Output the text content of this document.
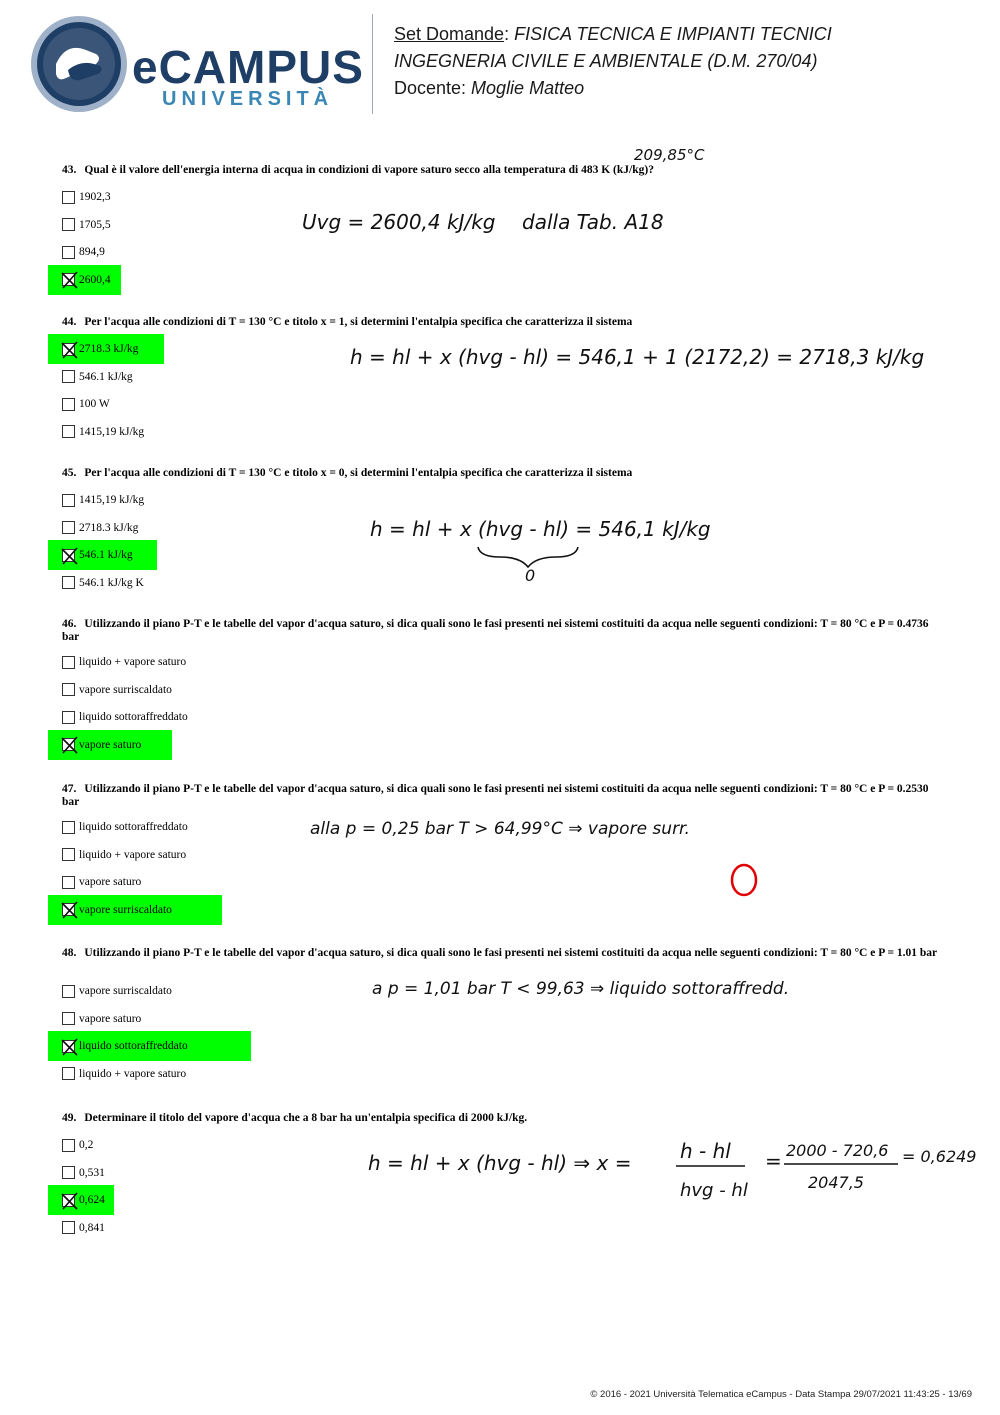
eCAMPUS
UNIVERSITÀ
Set Domande: FISICA TECNICA E IMPIANTI TECNICI
INGEGNERIA CIVILE E AMBIENTALE (D.M. 270/04)
Docente: Moglie Matteo
43. Qual è il valore dell'energia interna di acqua in condizioni di vapore saturo secco alla temperatura di 483 K (kJ/kg)?
1902,3
1705,5
894,9
2600,4
44. Per l'acqua alle condizioni di T = 130 °C e titolo x = 1, si determini l'entalpia specifica che caratterizza il sistema
2718.3 kJ/kg
546.1 kJ/kg
100 W
1415,19 kJ/kg
45. Per l'acqua alle condizioni di T = 130 °C e titolo x = 0, si determini l'entalpia specifica che caratterizza il sistema
1415,19 kJ/kg
2718.3 kJ/kg
546.1 kJ/kg
546.1 kJ/kg K
46. Utilizzando il piano P-T e le tabelle del vapor d'acqua saturo, si dica quali sono le fasi presenti nei sistemi costituiti da acqua nelle seguenti condizioni: T = 80 °C e P = 0.4736 bar
liquido + vapore saturo
vapore surriscaldato
liquido sottoraffreddato
vapore saturo
47. Utilizzando il piano P-T e le tabelle del vapor d'acqua saturo, si dica quali sono le fasi presenti nei sistemi costituiti da acqua nelle seguenti condizioni: T = 80 °C e P = 0.2530 bar
liquido sottoraffreddato
liquido + vapore saturo
vapore saturo
vapore surriscaldato
48. Utilizzando il piano P-T e le tabelle del vapor d'acqua saturo, si dica quali sono le fasi presenti nei sistemi costituiti da acqua nelle seguenti condizioni: T = 80 °C e P = 1.01 bar
vapore surriscaldato
vapore saturo
liquido sottoraffreddato
liquido + vapore saturo
49. Determinare il titolo del vapore d'acqua che a 8 bar ha un'entalpia specifica di 2000 kJ/kg.
0,2
0,531
0,624
0,841
209,85°C
Uvg = 2600,4 kJ/kg dalla Tab. A18
h = hl + x (hvg - hl) = 546,1 + 1 (2172,2) = 2718,3 kJ/kg
h = hl + x (hvg - hl) = 546,1 kJ/kg
0
alla p = 0,25 bar T > 64,99°C ⇒ vapore surr.
a p = 1,01 bar T < 99,63 ⇒ liquido sottoraffredd.
h = hl + x (hvg - hl) ⇒ x = h - hl
hvg - hl
= 2000 - 720,6
2047,5
= 0,6249
© 2016 - 2021 Università Telematica eCampus - Data Stampa 29/07/2021 11:43:25 - 13/69
